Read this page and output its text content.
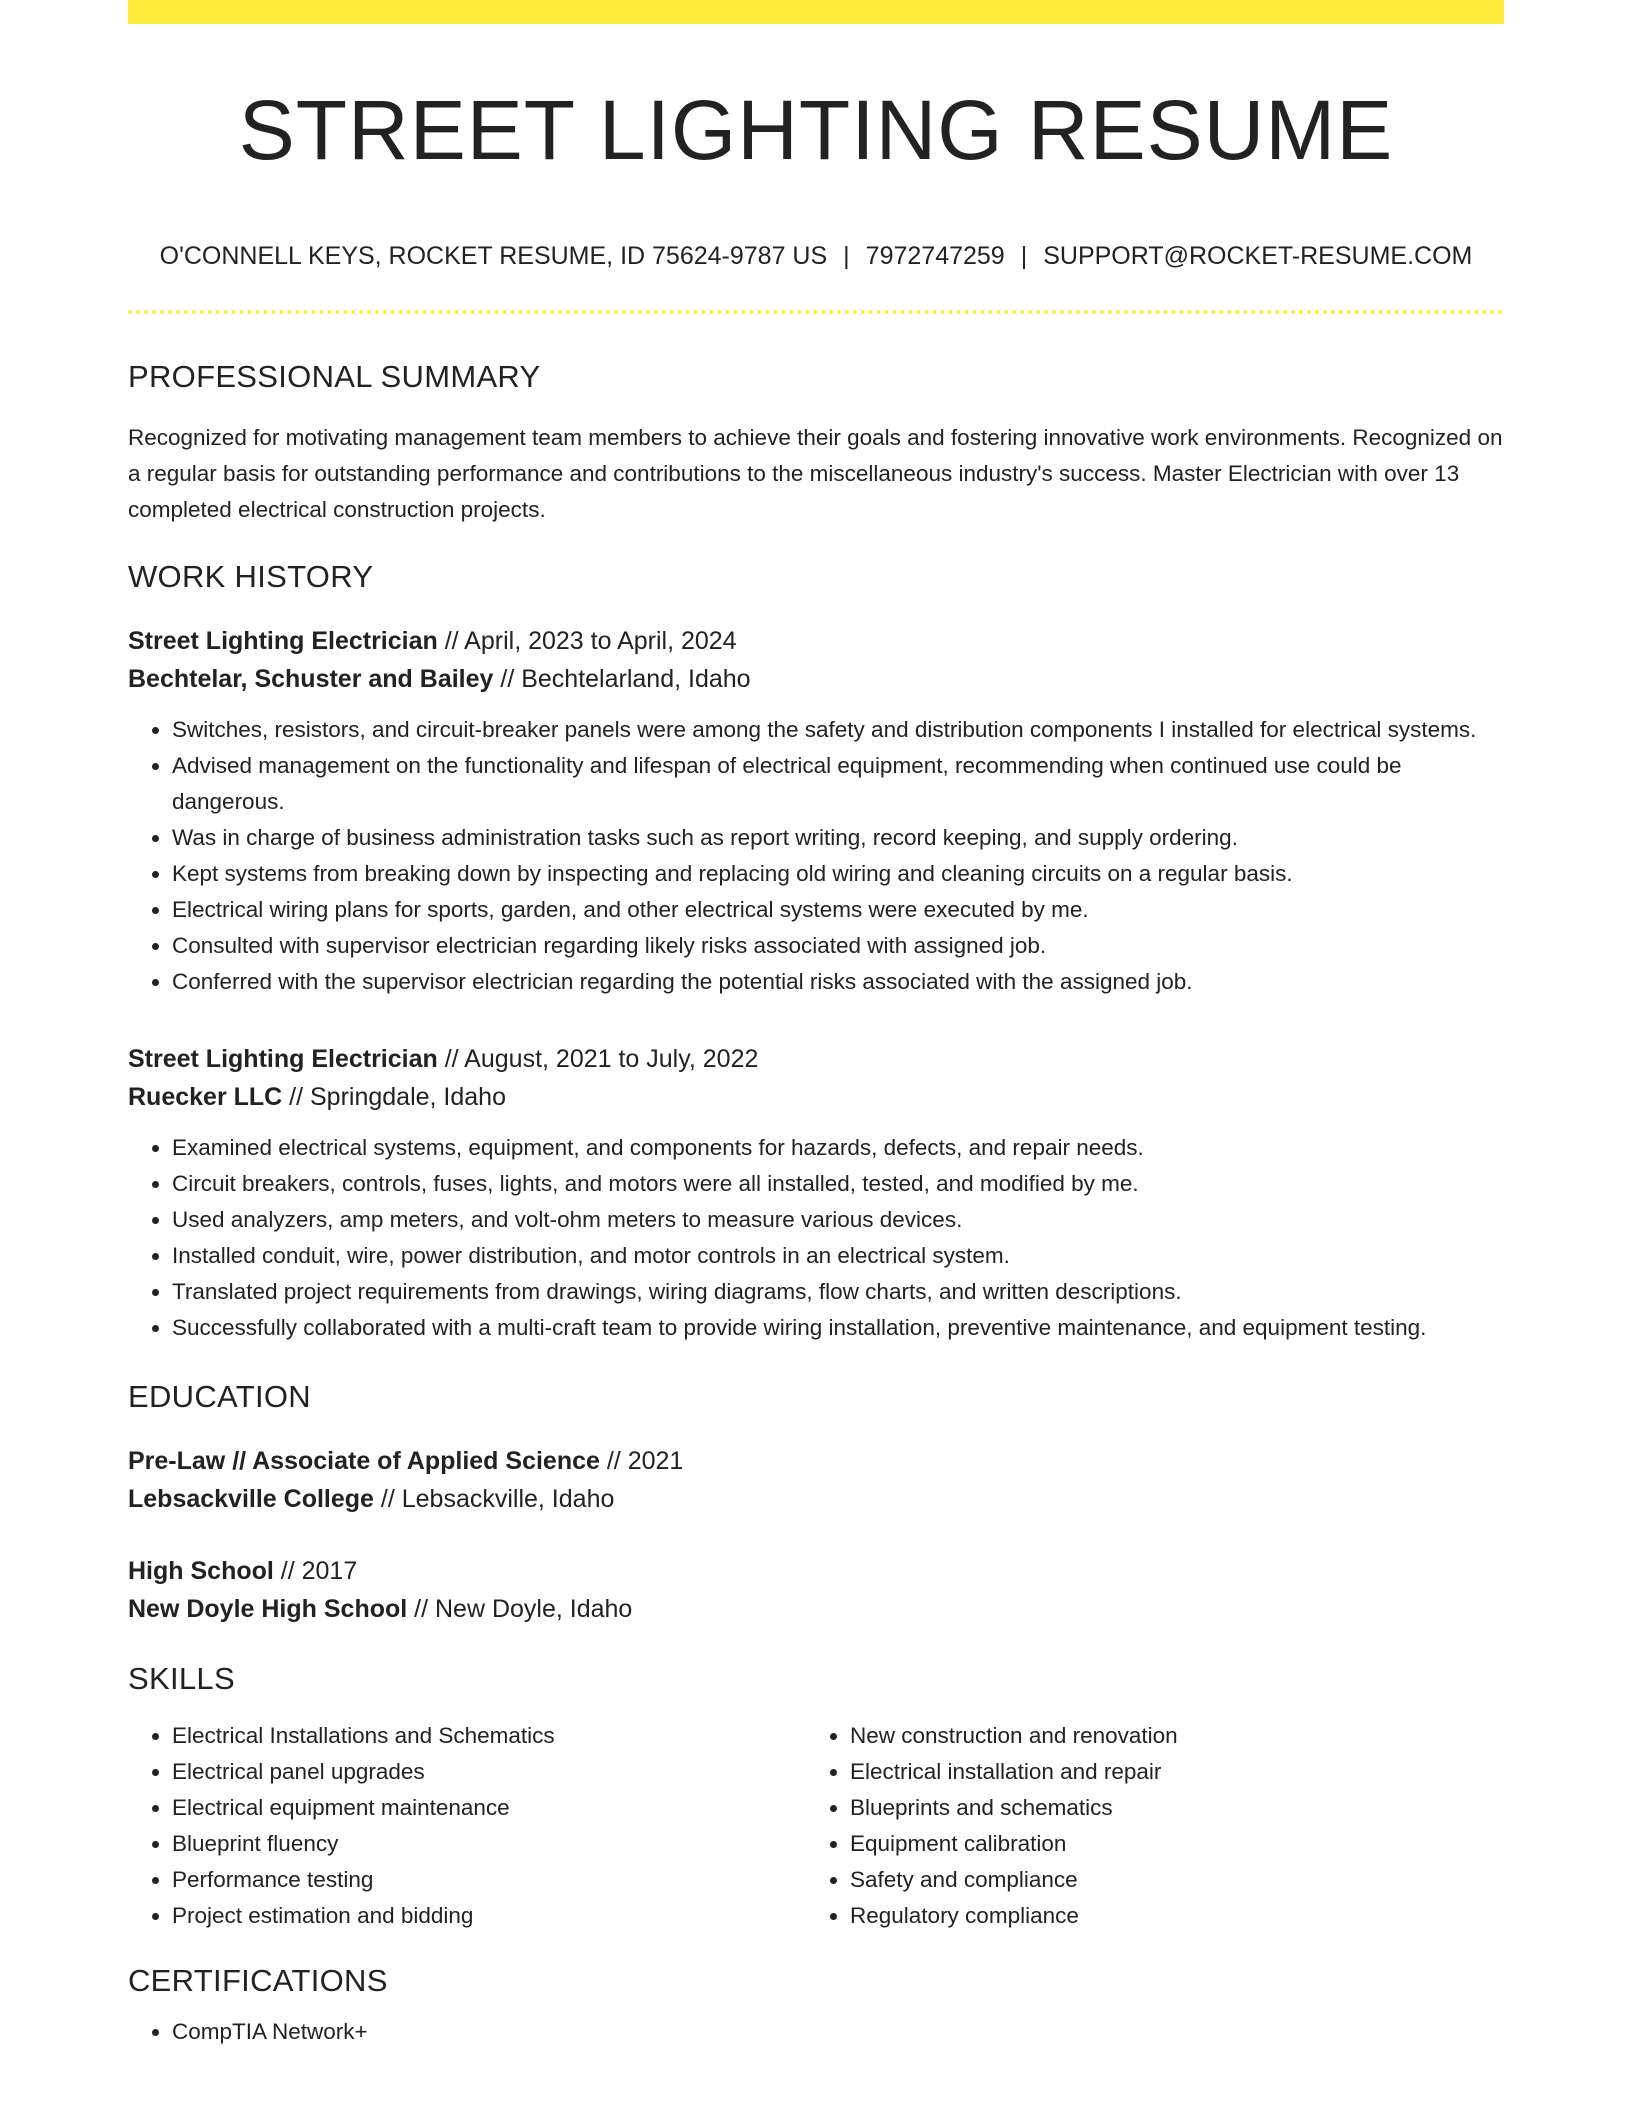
STREET LIGHTING RESUME
O'CONNELL KEYS, ROCKET RESUME, ID 75624-9787 US | 7972747259 | SUPPORT@ROCKET-RESUME.COM
PROFESSIONAL SUMMARY
Recognized for motivating management team members to achieve their goals and fostering innovative work environments. Recognized on a regular basis for outstanding performance and contributions to the miscellaneous industry's success. Master Electrician with over 13 completed electrical construction projects.
WORK HISTORY
Street Lighting Electrician // April, 2023 to April, 2024
Bechtelar, Schuster and Bailey // Bechtelarland, Idaho
• Switches, resistors, and circuit-breaker panels were among the safety and distribution components I installed for electrical systems.
• Advised management on the functionality and lifespan of electrical equipment, recommending when continued use could be dangerous.
• Was in charge of business administration tasks such as report writing, record keeping, and supply ordering.
• Kept systems from breaking down by inspecting and replacing old wiring and cleaning circuits on a regular basis.
• Electrical wiring plans for sports, garden, and other electrical systems were executed by me.
• Consulted with supervisor electrician regarding likely risks associated with assigned job.
• Conferred with the supervisor electrician regarding the potential risks associated with the assigned job.
Street Lighting Electrician // August, 2021 to July, 2022
Ruecker LLC // Springdale, Idaho
• Examined electrical systems, equipment, and components for hazards, defects, and repair needs.
• Circuit breakers, controls, fuses, lights, and motors were all installed, tested, and modified by me.
• Used analyzers, amp meters, and volt-ohm meters to measure various devices.
• Installed conduit, wire, power distribution, and motor controls in an electrical system.
• Translated project requirements from drawings, wiring diagrams, flow charts, and written descriptions.
• Successfully collaborated with a multi-craft team to provide wiring installation, preventive maintenance, and equipment testing.
EDUCATION
Pre-Law // Associate of Applied Science // 2021
Lebsackville College // Lebsackville, Idaho
High School // 2017
New Doyle High School // New Doyle, Idaho
SKILLS
• Electrical Installations and Schematics
• Electrical panel upgrades
• Electrical equipment maintenance
• Blueprint fluency
• Performance testing
• Project estimation and bidding
• New construction and renovation
• Electrical installation and repair
• Blueprints and schematics
• Equipment calibration
• Safety and compliance
• Regulatory compliance
CERTIFICATIONS
• CompTIA Network+
